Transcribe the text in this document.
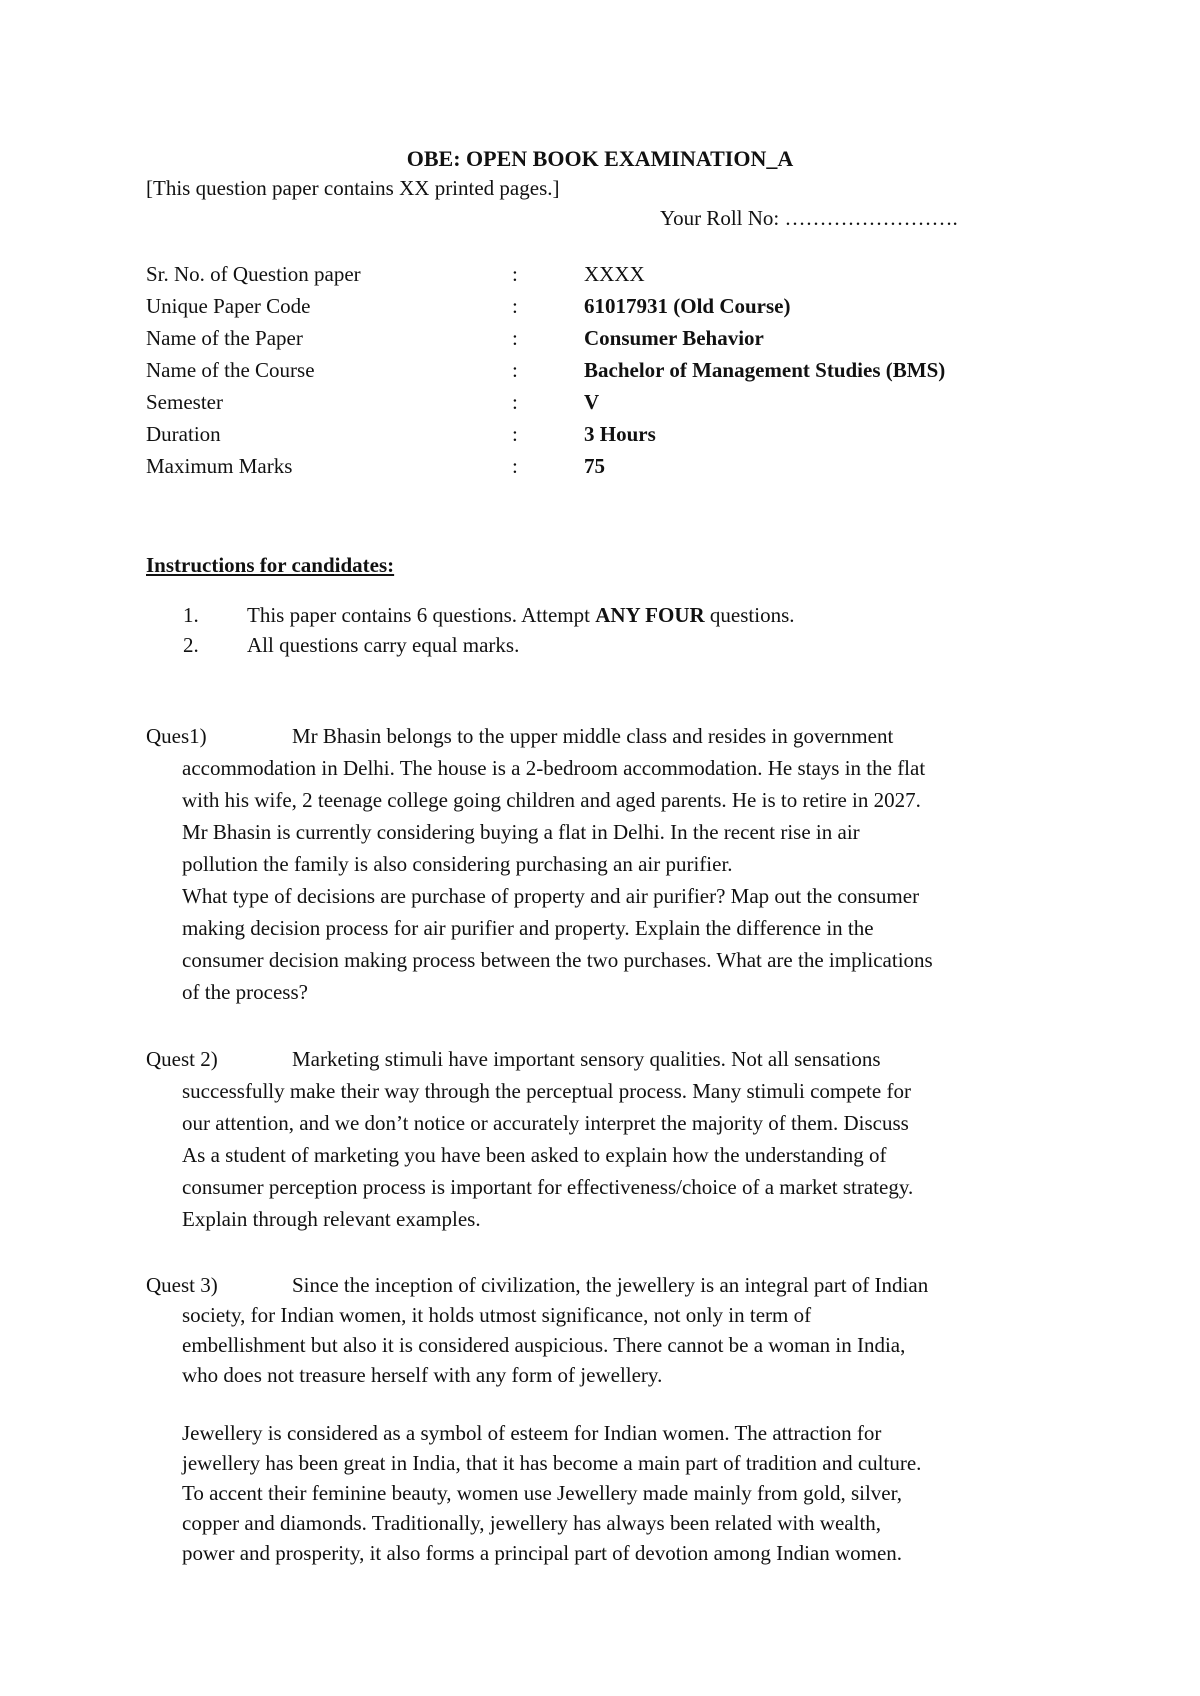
OBE: OPEN BOOK EXAMINATION_A
[This question paper contains XX printed pages.]
Your Roll No: …………………….
Sr. No. of Question paper	:	XXXX
Unique Paper Code	:	61017931 (Old Course)
Name of the Paper	:	Consumer Behavior
Name of the Course	:	Bachelor of Management Studies (BMS)
Semester	:	V
Duration	:	3 Hours
Maximum Marks	:	75
Instructions for candidates:
1. This paper contains 6 questions. Attempt ANY FOUR questions.
2. All questions carry equal marks.
Ques1)	Mr Bhasin belongs to the upper middle class and resides in government
accommodation in Delhi. The house is a 2-bedroom accommodation. He stays in the flat
with his wife, 2 teenage college going children and aged parents. He is to retire in 2027.
Mr Bhasin is currently considering buying a flat in Delhi. In the recent rise in air
pollution the family is also considering purchasing an air purifier.
What type of decisions are purchase of property and air purifier? Map out the consumer
making decision process for air purifier and property. Explain the difference in the
consumer decision making process between the two purchases. What are the implications
of the process?
Quest 2)	Marketing stimuli have important sensory qualities. Not all sensations
successfully make their way through the perceptual process. Many stimuli compete for
our attention, and we don’t notice or accurately interpret the majority of them. Discuss
As a student of marketing you have been asked to explain how the understanding of
consumer perception process is important for effectiveness/choice of a market strategy.
Explain through relevant examples.
Quest 3)	Since the inception of civilization, the jewellery is an integral part of Indian
society, for Indian women, it holds utmost significance, not only in term of
embellishment but also it is considered auspicious. There cannot be a woman in India,
who does not treasure herself with any form of jewellery.
Jewellery is considered as a symbol of esteem for Indian women. The attraction for
jewellery has been great in India, that it has become a main part of tradition and culture.
To accent their feminine beauty, women use Jewellery made mainly from gold, silver,
copper and diamonds. Traditionally, jewellery has always been related with wealth,
power and prosperity, it also forms a principal part of devotion among Indian women.
